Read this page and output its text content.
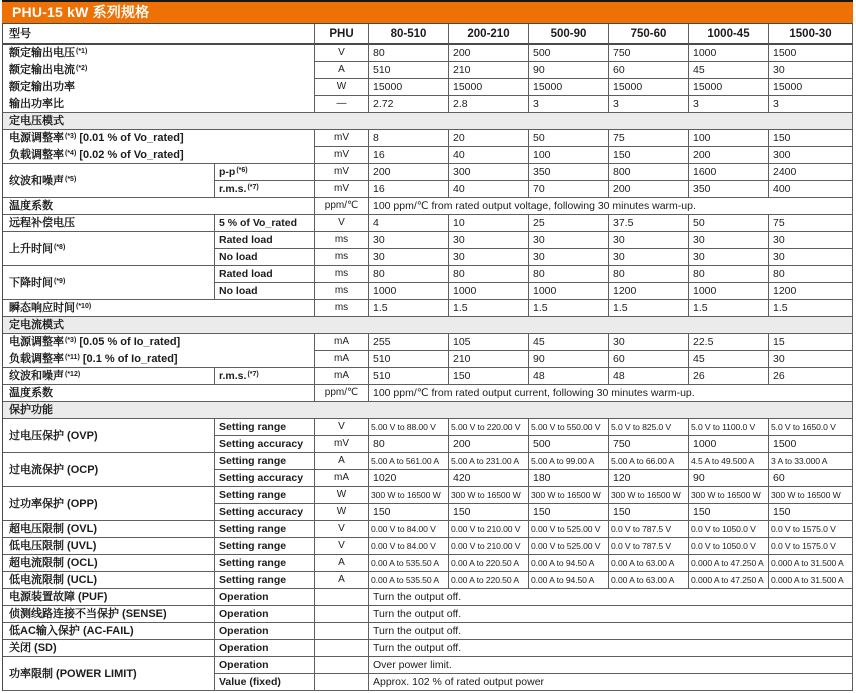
PHU-15 kW 系列规格
型号		PHU	80-510	200-210	500-90	750-60	1000-45	1500-30
额定输出电压$^{(*1)}$		V	80	200	500	750	1000	1500
额定输出电流$^{(*2)}$		A	510	210	90	60	45	30
额定输出功率		W	15000	15000	15000	15000	15000	15000
输出功率比		—	2.72	2.8	3	3	3	3
定电压模式								
电源调整率$^{(*3)}$ [0.01 % of Vo_rated]		mV	8	20	50	75	100	150
负载调整率$^{(*4)}$ [0.02 % of Vo_rated]		mV	16	40	100	150	200	300
纹波和噪声$^{(*5)}$	p-p$^{(*6)}$	mV	200	300	350	800	1600	2400
	r.m.s.$^{(*7)}$	mV	16	40	70	200	350	400
温度系数		ppm/℃	100 ppm/℃ from rated output voltage, following 30 minutes warm-up.					
远程补偿电压	5 % of Vo_rated	V	4	10	25	37.5	50	75
上升时间$^{(*8)}$	Rated load	ms	30	30	30	30	30	30
	No load	ms	30	30	30	30	30	30
下降时间$^{(*9)}$	Rated load	ms	80	80	80	80	80	80
	No load	ms	1000	1000	1000	1200	1000	1200
瞬态响应时间$^{(*10)}$		ms	1.5	1.5	1.5	1.5	1.5	1.5
定电流模式								
电源调整率$^{(*3)}$ [0.05 % of Io_rated]		mA	255	105	45	30	22.5	15
负载调整率$^{(*11)}$ [0.1 % of Io_rated]		mA	510	210	90	60	45	30
纹波和噪声$^{(*12)}$	r.m.s.$^{(*7)}$	mA	510	150	48	48	26	26
温度系数		ppm/℃	100 ppm/℃ from rated output current, following 30 minutes warm-up.					
保护功能								
过电压保护 (OVP)	Setting range	V	5.00 V to 88.00 V	5.00 V to 220.00 V	5.00 V to 550.00 V	5.0 V to 825.0 V	5.0 V to 1100.0 V	5.0 V to 1650.0 V
	Setting accuracy	mV	80	200	500	750	1000	1500
过电流保护 (OCP)	Setting range	A	5.00 A to 561.00 A	5.00 A to 231.00 A	5.00 A to 99.00 A	5.00 A to 66.00 A	4.5 A to 49.500 A	3 A to 33.000 A
	Setting accuracy	mA	1020	420	180	120	90	60
过功率保护 (OPP)	Setting range	W	300 W to 16500 W	300 W to 16500 W	300 W to 16500 W	300 W to 16500 W	300 W to 16500 W	300 W to 16500 W
	Setting accuracy	W	150	150	150	150	150	150
超电压限制 (OVL)	Setting range	V	0.00 V to 84.00 V	0.00 V to 210.00 V	0.00 V to 525.00 V	0.0 V to 787.5 V	0.0 V to 1050.0 V	0.0 V to 1575.0 V
低电压限制 (UVL)	Setting range	V	0.00 V to 84.00 V	0.00 V to 210.00 V	0.00 V to 525.00 V	0.0 V to 787.5 V	0.0 V to 1050.0 V	0.0 V to 1575.0 V
超电流限制 (OCL)	Setting range	A	0.00 A to 535.50 A	0.00 A to 220.50 A	0.00 A to 94.50 A	0.00 A to 63.00 A	0.000 A to 47.250 A	0.000 A to 31.500 A
低电流限制 (UCL)	Setting range	A	0.00 A to 535.50 A	0.00 A to 220.50 A	0.00 A to 94.50 A	0.00 A to 63.00 A	0.000 A to 47.250 A	0.000 A to 31.500 A
电源装置故障 (PUF)	Operation		Turn the output off.					
侦测线路连接不当保护 (SENSE)	Operation		Turn the output off.					
低AC输入保护 (AC-FAIL)	Operation		Turn the output off.					
关闭 (SD)	Operation		Turn the output off.					
功率限制 (POWER LIMIT)	Operation		Over power limit.					
	Value (fixed)		Approx. 102 % of rated output power					
